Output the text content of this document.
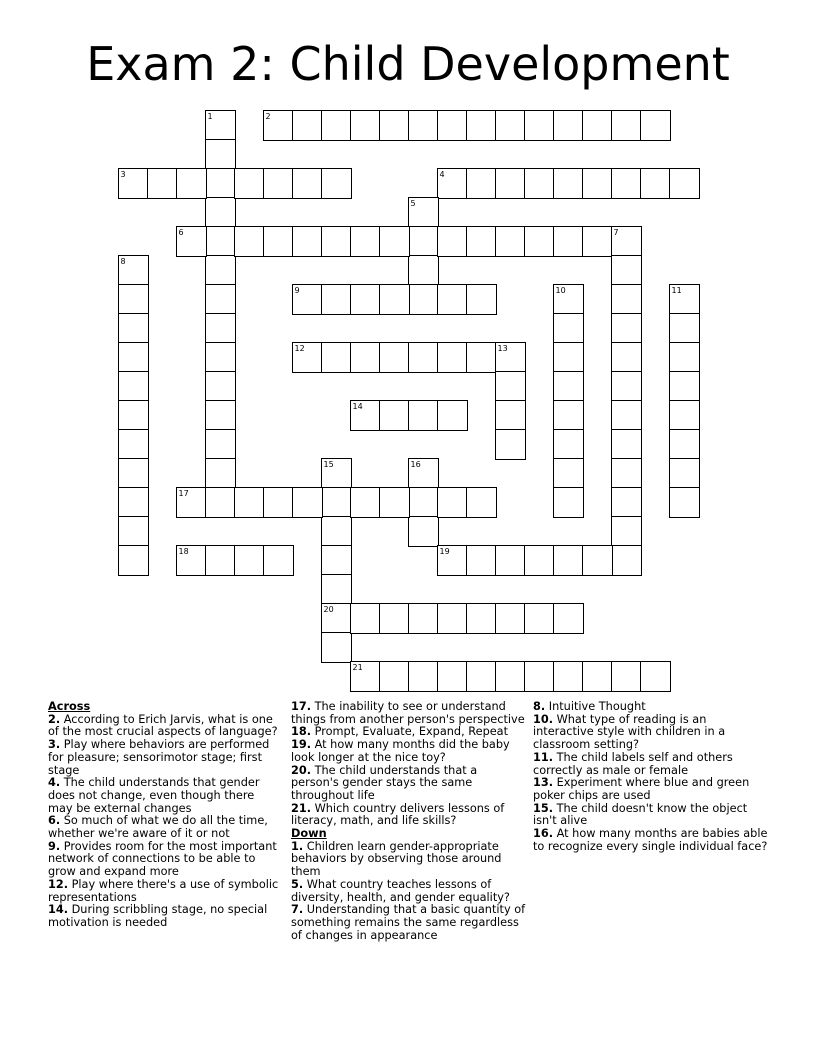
Exam 2: Child Development
1	2
3	4
5
6	7
8
9	10	11
12	13
14
15
20
16
17
18	19
21
Across
2. According to Erich Jarvis, what is one of the most crucial aspects of language?
3. Play where behaviors are performed for pleasure; sensorimotor stage; first stage
4. The child understands that gender does not change, even though there may be external changes
6. So much of what we do all the time, whether we're aware of it or not
9. Provides room for the most important network of connections to be able to grow and expand more
12. Play where there's a use of symbolic representations
14. During scribbling stage, no special motivation is needed
17. The inability to see or understand things from another person's perspective
18. Prompt, Evaluate, Expand, Repeat
19. At how many months did the baby look longer at the nice toy?
20. The child understands that a person's gender stays the same throughout life
21. Which country delivers lessons of literacy, math, and life skills?
Down
1. Children learn gender-appropriate behaviors by observing those around them
5. What country teaches lessons of diversity, health, and gender equality?
7. Understanding that a basic quantity of something remains the same regardless of changes in appearance
8. Intuitive Thought
10. What type of reading is an interactive style with children in a classroom setting?
11. The child labels self and others correctly as male or female
13. Experiment where blue and green poker chips are used
15. The child doesn't know the object isn't alive
16. At how many months are babies able to recognize every single individual face?
